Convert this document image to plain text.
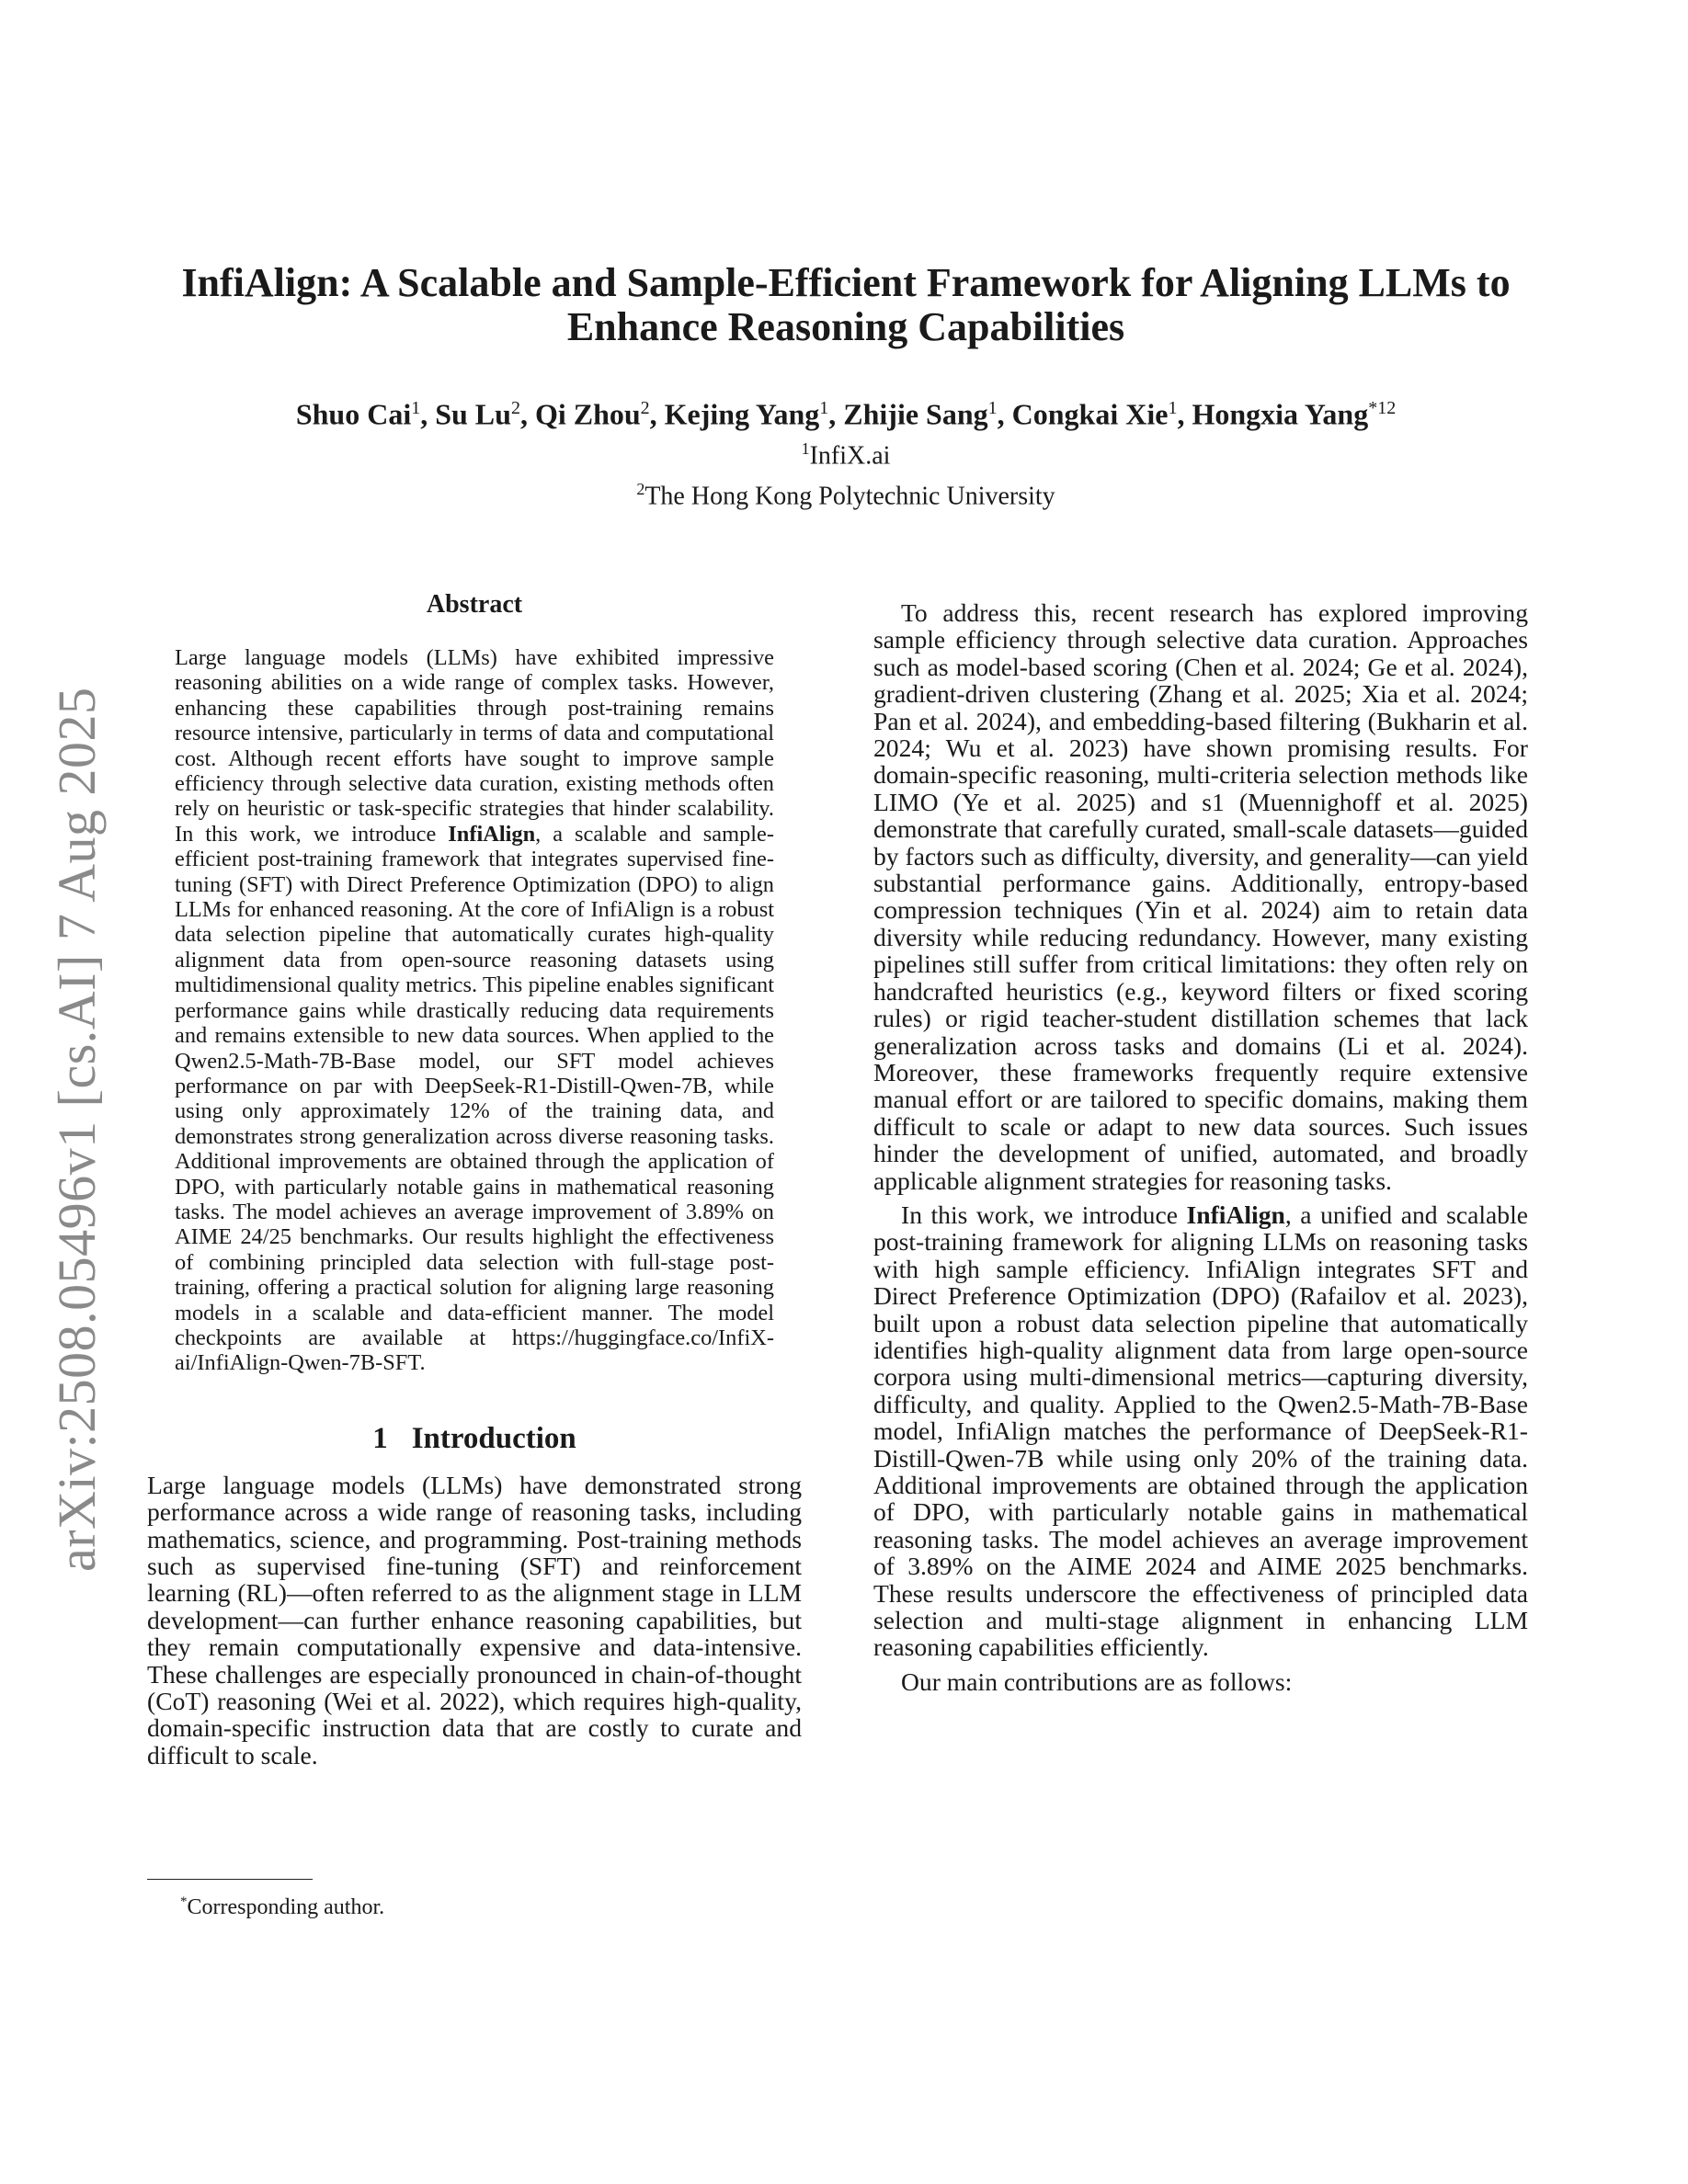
arXiv:2508.05496v1 [cs.AI] 7 Aug 2025
InfiAlign: A Scalable and Sample-Efficient Framework for Aligning LLMs to Enhance Reasoning Capabilities

Shuo Cai$^1$, Su Lu$^2$, Qi Zhou$^2$, Kejing Yang$^1$, Zhijie Sang$^1$, Congkai Xie$^1$, Hongxia Yang$^{*12}$

$^1$InfiX.ai
$^2$The Hong Kong Polytechnic University
Abstract

Large language models (LLMs) have exhibited impressive reasoning abilities on a wide range of complex tasks. However, enhancing these capabilities through post-training remains resource intensive, particularly in terms of data and computational cost. Although recent efforts have sought to improve sample efficiency through selective data curation, existing methods often rely on heuristic or task-specific strategies that hinder scalability. In this work, we introduce InfiAlign, a scalable and sample-efficient post-training framework that integrates supervised fine-tuning (SFT) with Direct Preference Optimization (DPO) to align LLMs for enhanced reasoning. At the core of InfiAlign is a robust data selection pipeline that automatically curates high-quality alignment data from open-source reasoning datasets using multidimensional quality metrics. This pipeline enables significant performance gains while drastically reducing data requirements and remains extensible to new data sources. When applied to the Qwen2.5-Math-7B-Base model, our SFT model achieves performance on par with DeepSeek-R1-Distill-Qwen-7B, while using only approximately 12% of the training data, and demonstrates strong generalization across diverse reasoning tasks. Additional improvements are obtained through the application of DPO, with particularly notable gains in mathematical reasoning tasks. The model achieves an average improvement of 3.89% on AIME 24/25 benchmarks. Our results highlight the effectiveness of combining principled data selection with full-stage post-training, offering a practical solution for aligning large reasoning models in a scalable and data-efficient manner. The model checkpoints are available at https://huggingface.co/InfiX-ai/InfiAlign-Qwen-7B-SFT.

1 Introduction

Large language models (LLMs) have demonstrated strong performance across a wide range of reasoning tasks, including mathematics, science, and programming. Post-training methods such as supervised fine-tuning (SFT) and reinforcement learning (RL)—often referred to as the alignment stage in LLM development—can further enhance reasoning capabilities, but they remain computationally expensive and data-intensive. These challenges are especially pronounced in chain-of-thought (CoT) reasoning (Wei et al. 2022), which requires high-quality, domain-specific instruction data that are costly to curate and difficult to scale.

To address this, recent research has explored improving sample efficiency through selective data curation. Approaches such as model-based scoring (Chen et al. 2024; Ge et al. 2024), gradient-driven clustering (Zhang et al. 2025; Xia et al. 2024; Pan et al. 2024), and embedding-based filtering (Bukharin et al. 2024; Wu et al. 2023) have shown promising results. For domain-specific reasoning, multi-criteria selection methods like LIMO (Ye et al. 2025) and s1 (Muennighoff et al. 2025) demonstrate that carefully curated, small-scale datasets—guided by factors such as difficulty, diversity, and generality—can yield substantial performance gains. Additionally, entropy-based compression techniques (Yin et al. 2024) aim to retain data diversity while reducing redundancy. However, many existing pipelines still suffer from critical limitations: they often rely on handcrafted heuristics (e.g., keyword filters or fixed scoring rules) or rigid teacher-student distillation schemes that lack generalization across tasks and domains (Li et al. 2024). Moreover, these frameworks frequently require extensive manual effort or are tailored to specific domains, making them difficult to scale or adapt to new data sources. Such issues hinder the development of unified, automated, and broadly applicable alignment strategies for reasoning tasks.

In this work, we introduce InfiAlign, a unified and scalable post-training framework for aligning LLMs on reasoning tasks with high sample efficiency. InfiAlign integrates SFT and Direct Preference Optimization (DPO) (Rafailov et al. 2023), built upon a robust data selection pipeline that automatically identifies high-quality alignment data from large open-source corpora using multi-dimensional metrics—capturing diversity, difficulty, and quality. Applied to the Qwen2.5-Math-7B-Base model, InfiAlign matches the performance of DeepSeek-R1-Distill-Qwen-7B while using only 20% of the training data. Additional improvements are obtained through the application of DPO, with particularly notable gains in mathematical reasoning tasks. The model achieves an average improvement of 3.89% on the AIME 2024 and AIME 2025 benchmarks. These results underscore the effectiveness of principled data selection and multi-stage alignment in enhancing LLM reasoning capabilities efficiently.

Our main contributions are as follows:

*Corresponding author.
